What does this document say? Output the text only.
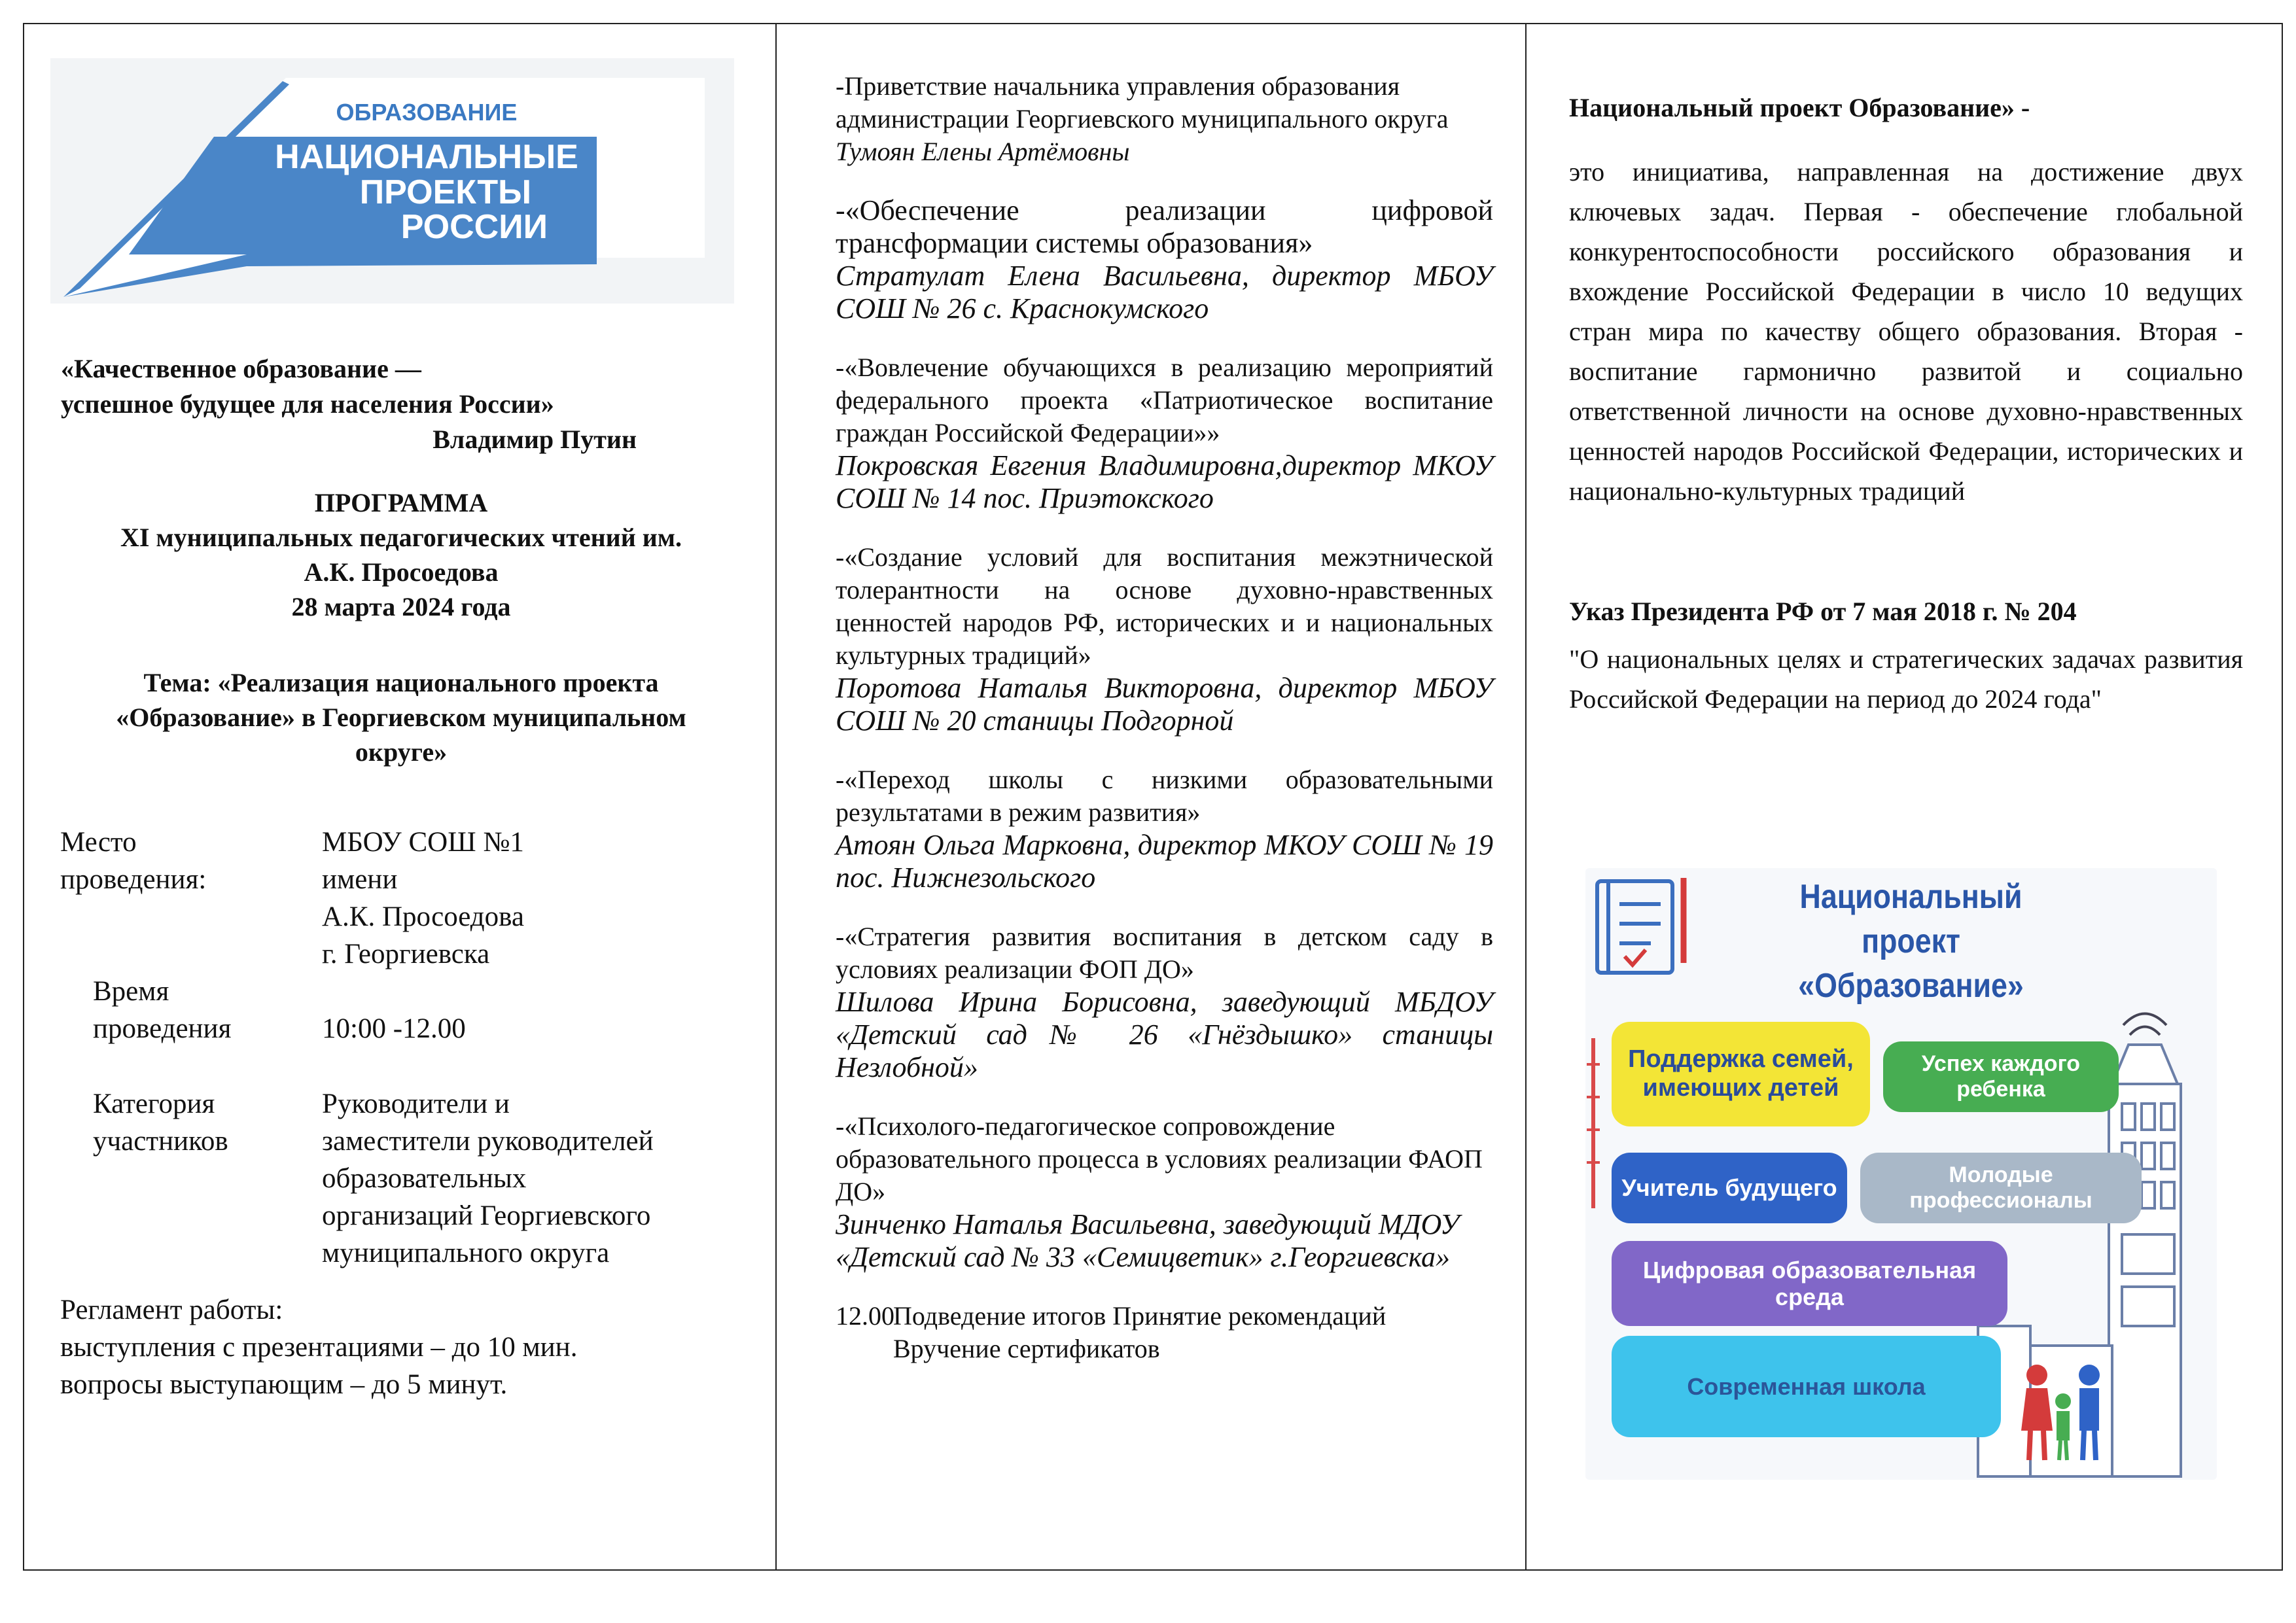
ОБРАЗОВАНИЕ
НАЦИОНАЛЬНЫЕ
ПРОЕКТЫ
РОССИИ
«Качественное образование —
успешное будущее для населения России»
Владимир Путин
ПРОГРАММА
XI муниципальных педагогических чтений им.
А.К. Просоедова
28 марта 2024 года
Тема: «Реализация национального проекта
«Образование» в Георгиевском муниципальном
округе»
Место
проведения:
МБОУ СОШ №1
имени
А.К. Просоедова
г. Георгиевска
Время
проведения	10:00 -12.00
Категория
участников
Руководители и
заместители руководителей
образовательных
организаций Георгиевского
муниципального округа
Регламент работы:
выступления с презентациями – до 10 мин.
вопросы выступающим – до 5 минут.
-Приветствие начальника управления образования администрации Георгиевского муниципального округа
Тумоян Елены Артёмовны
-«Обеспечение реализации цифровой трансформации системы образования»
Стратулат Елена Васильевна, директор МБОУ СОШ № 26 с. Краснокумского
-«Вовлечение обучающихся в реализацию мероприятий федерального проекта «Патриотическое воспитание граждан Российской Федерации»»
Покровская Евгения Владимировна,директор МКОУ СОШ № 14 пос. Приэтокского
-«Создание условий для воспитания межэтнической толерантности на основе духовно-нравственных ценностей народов РФ, исторических и и национальных культурных традиций»
Поротова Наталья Викторовна, директор МБОУ СОШ № 20 станицы Подгорной
-«Переход школы с низкими образовательными результатами в режим развития»
Атоян Ольга Марковна, директор МКОУ СОШ № 19 пос. Нижнезольского
-«Стратегия развития воспитания в детском саду в условиях реализации ФОП ДО»
Шилова Ирина Борисовна, заведующий МБДОУ «Детский сад№ 26 «Гнёздышко» станицы Незлобной»
-«Психолого-педагогическое сопровождение образовательного процесса в условиях реализации ФАОП ДО»
Зинченко Наталья Васильевна, заведующий МДОУ «Детский сад № 33 «Семицветик» г.Георгиевска»
12.00
Подведение итогов Принятие рекомендаций
Вручение сертификатов
Национальный проект Образование» -
это инициатива, направленная на достижение двух ключевых задач. Первая - обеспечение глобальной конкурентоспособности российского образования и вхождение Российской Федерации в число 10 ведущих стран мира по качеству общего образования. Вторая - воспитание гармонично развитой и социально ответственной личности на основе духовно-нравственных ценностей народов Российской Федерации, исторических и национально-культурных традиций
Указ Президента РФ от 7 мая 2018 г. № 204
"О национальных целях и стратегических задачах развития Российской Федерации на период до 2024 года"
Национальный проект
«Образование»
Поддержка семей,
имеющих детей
Успех каждого ребенка
Учитель будущего	Молодые профессионалы
Цифровая образовательная среда
Современная школа
